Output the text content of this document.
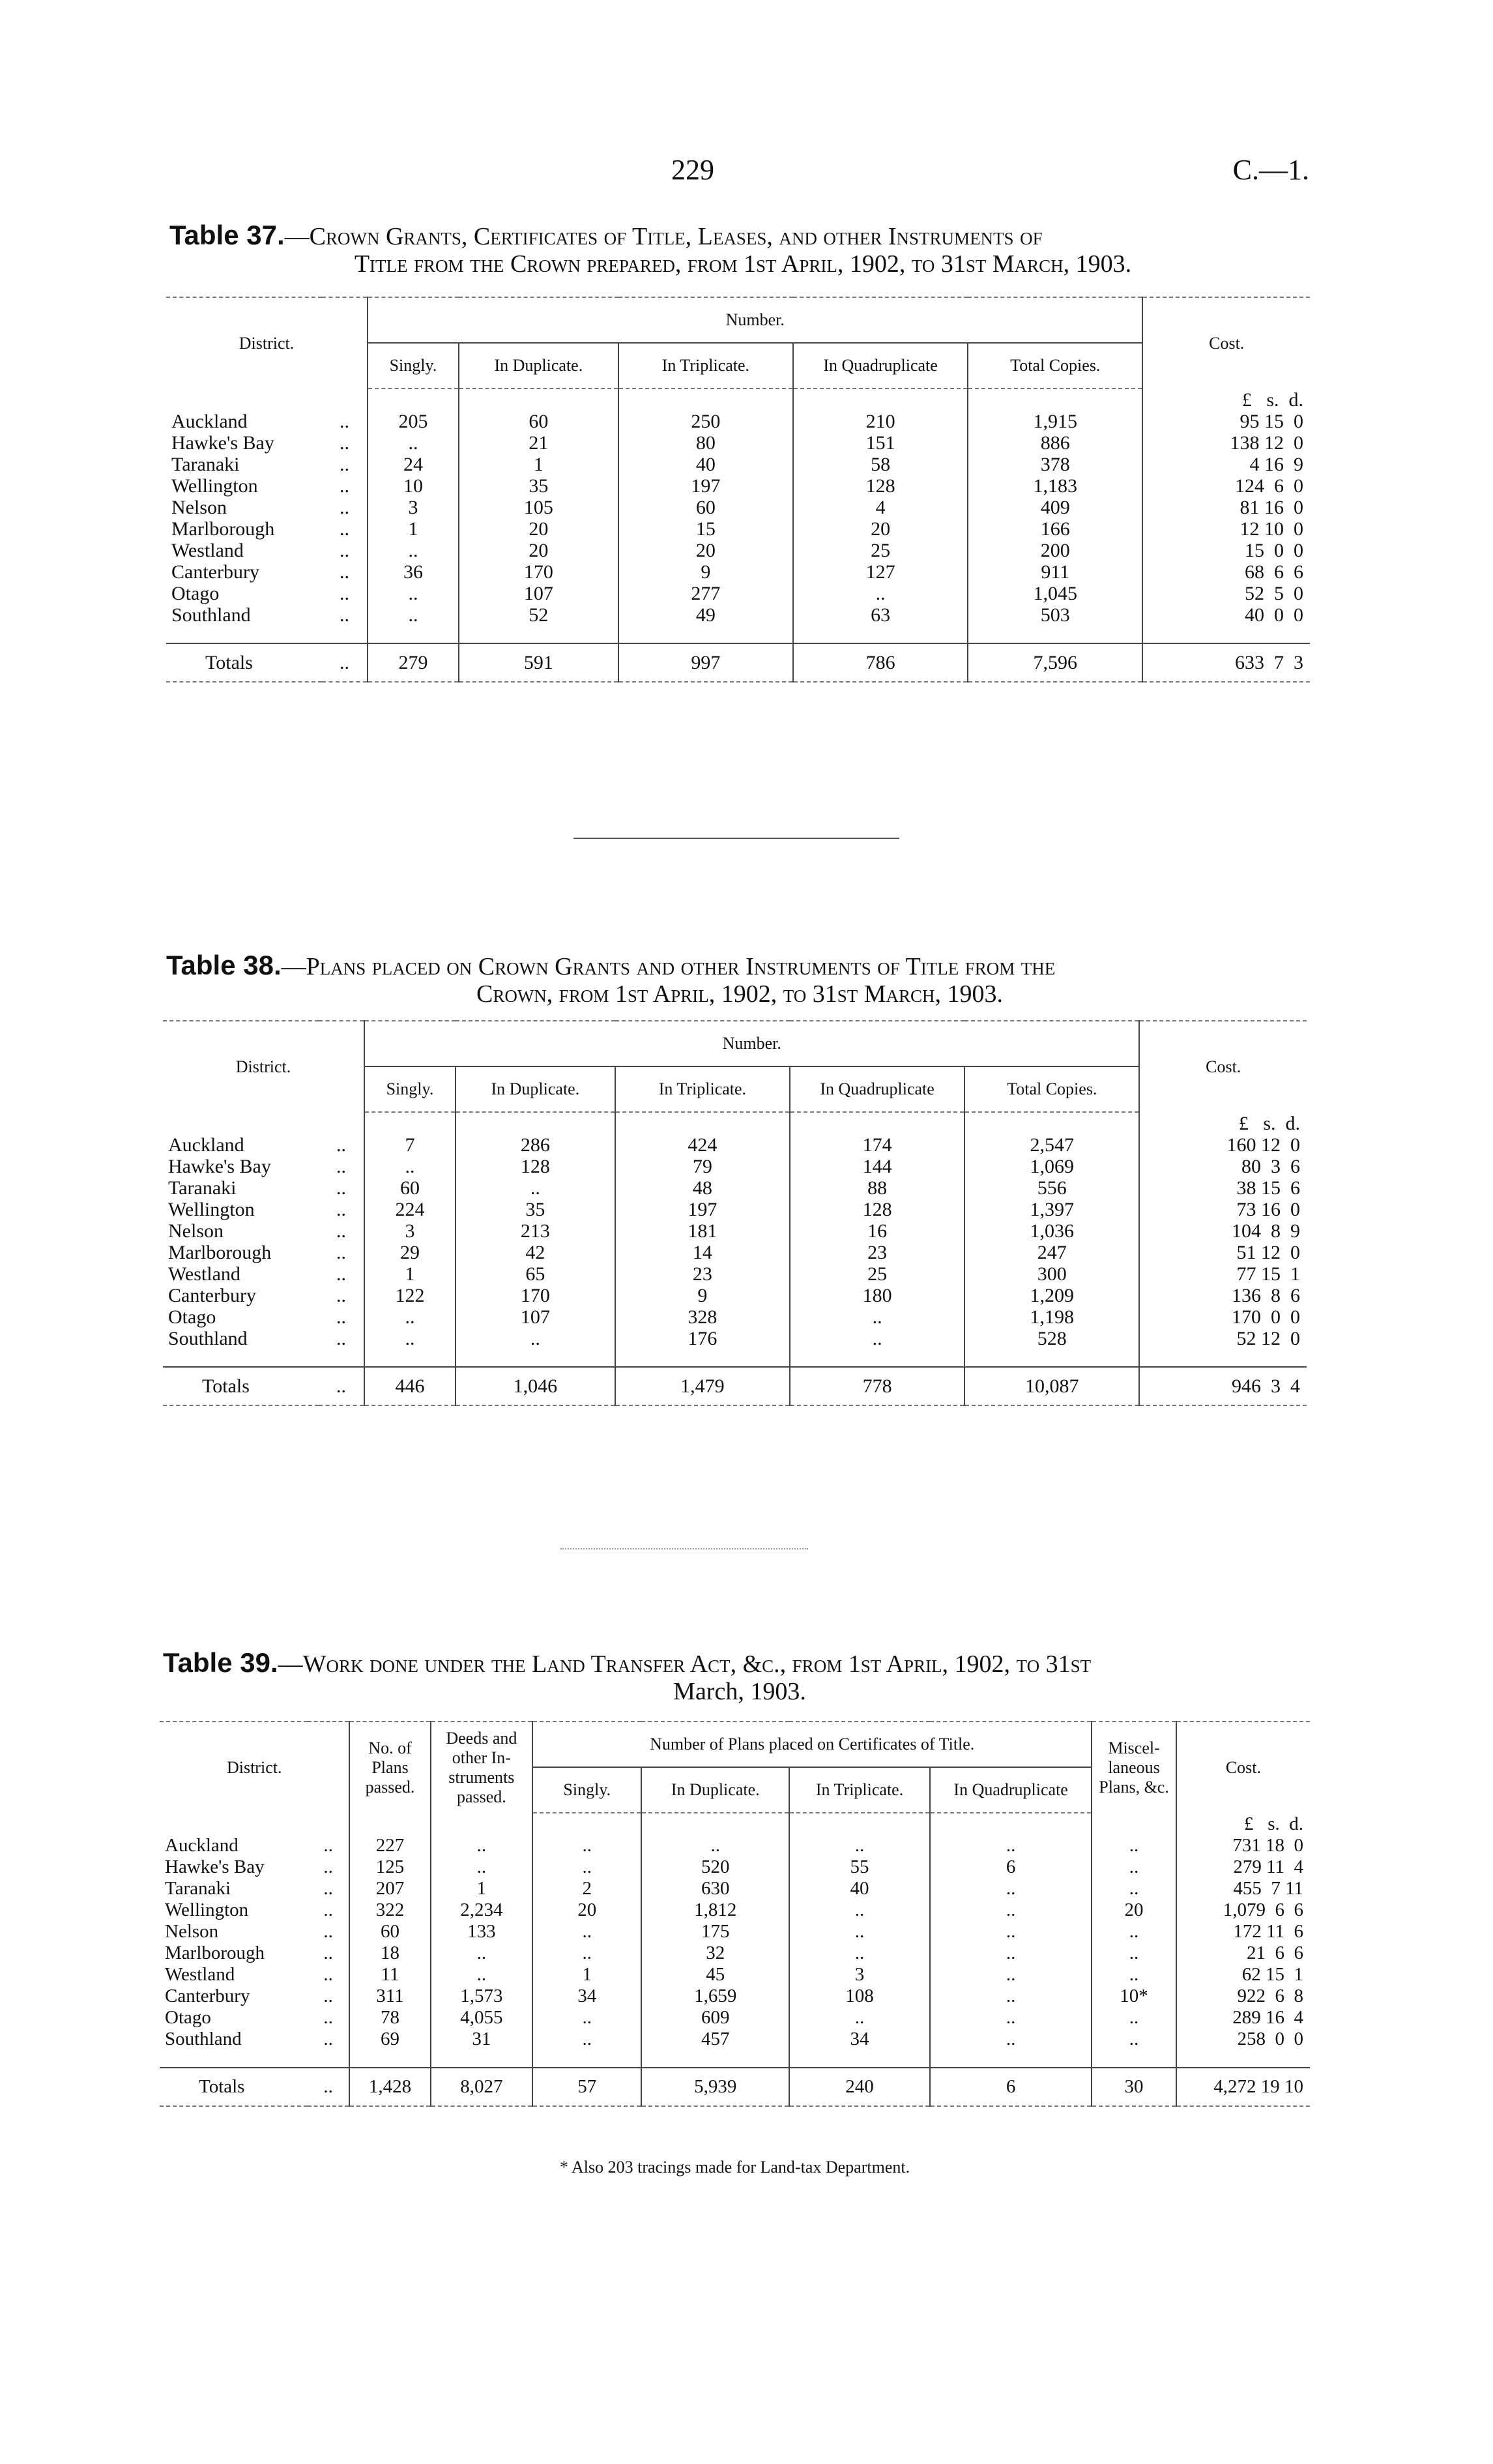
229	C.—1.
Table 37.—Crown Grants, Certificates of Title, Leases, and other Instruments of
Title from the Crown prepared, from 1st April, 1902, to 31st March, 1903.
District.		Number.					Cost.
		Singly.	In Duplicate.	In Triplicate.	In Quadruplicate	Total Copies.	
							£   s.  d.
Auckland	..	205	60	250	210	1,915	95 15  0
Hawke's Bay	..	..	21	80	151	886	138 12  0
Taranaki	..	24	1	40	58	378	4 16  9
Wellington	..	10	35	197	128	1,183	124  6  0
Nelson	..	3	105	60	4	409	81 16  0
Marlborough	..	1	20	15	20	166	12 10  0
Westland	..	..	20	20	25	200	15  0  0
Canterbury	..	36	170	9	127	911	68  6  6
Otago	..	..	107	277	..	1,045	52  5  0
Southland	..	..	52	49	63	503	40  0  0

Totals	..	279	591	997	786	7,596	633  7  3
Table 38.—Plans placed on Crown Grants and other Instruments of Title from the
Crown, from 1st April, 1902, to 31st March, 1903.
District.		Number.					Cost.
		Singly.	In Duplicate.	In Triplicate.	In Quadruplicate	Total Copies.	
							£   s.  d.
Auckland	..	7	286	424	174	2,547	160 12  0
Hawke's Bay	..	..	128	79	144	1,069	80  3  6
Taranaki	..	60	..	48	88	556	38 15  6
Wellington	..	224	35	197	128	1,397	73 16  0
Nelson	..	3	213	181	16	1,036	104  8  9
Marlborough	..	29	42	14	23	247	51 12  0
Westland	..	1	65	23	25	300	77 15  1
Canterbury	..	122	170	9	180	1,209	136  8  6
Otago	..	..	107	328	..	1,198	170  0  0
Southland	..	..	..	176	..	528	52 12  0

Totals	..	446	1,046	1,479	778	10,087	946  3  4
Table 39.—Work done under the Land Transfer Act, &c., from 1st April, 1902, to 31st
March, 1903.
District.		No. of Plans passed.	Deeds and other In-struments passed.	Number of Plans placed on Certificates of Title.				Miscel-laneous Plans, &c.	Cost.
				Singly.	In Duplicate.	In Triplicate.	In Quadruplicate		
									£   s.  d.
Auckland	..	227	..	..	..	..	..	..	731 18  0
Hawke's Bay	..	125	..	..	520	55	6	..	279 11  4
Taranaki	..	207	1	2	630	40	..	..	455  7 11
Wellington	..	322	2,234	20	1,812	..	..	20	1,079  6  6
Nelson	..	60	133	..	175	..	..	..	172 11  6
Marlborough	..	18	..	..	32	..	..	..	21  6  6
Westland	..	11	..	1	45	3	..	..	62 15  1
Canterbury	..	311	1,573	34	1,659	108	..	10*	922  6  8
Otago	..	78	4,055	..	609	..	..	..	289 16  4
Southland	..	69	31	..	457	34	..	..	258  0  0

Totals	..	1,428	8,027	57	5,939	240	6	30	4,272 19 10
* Also 203 tracings made for Land-tax Department.
